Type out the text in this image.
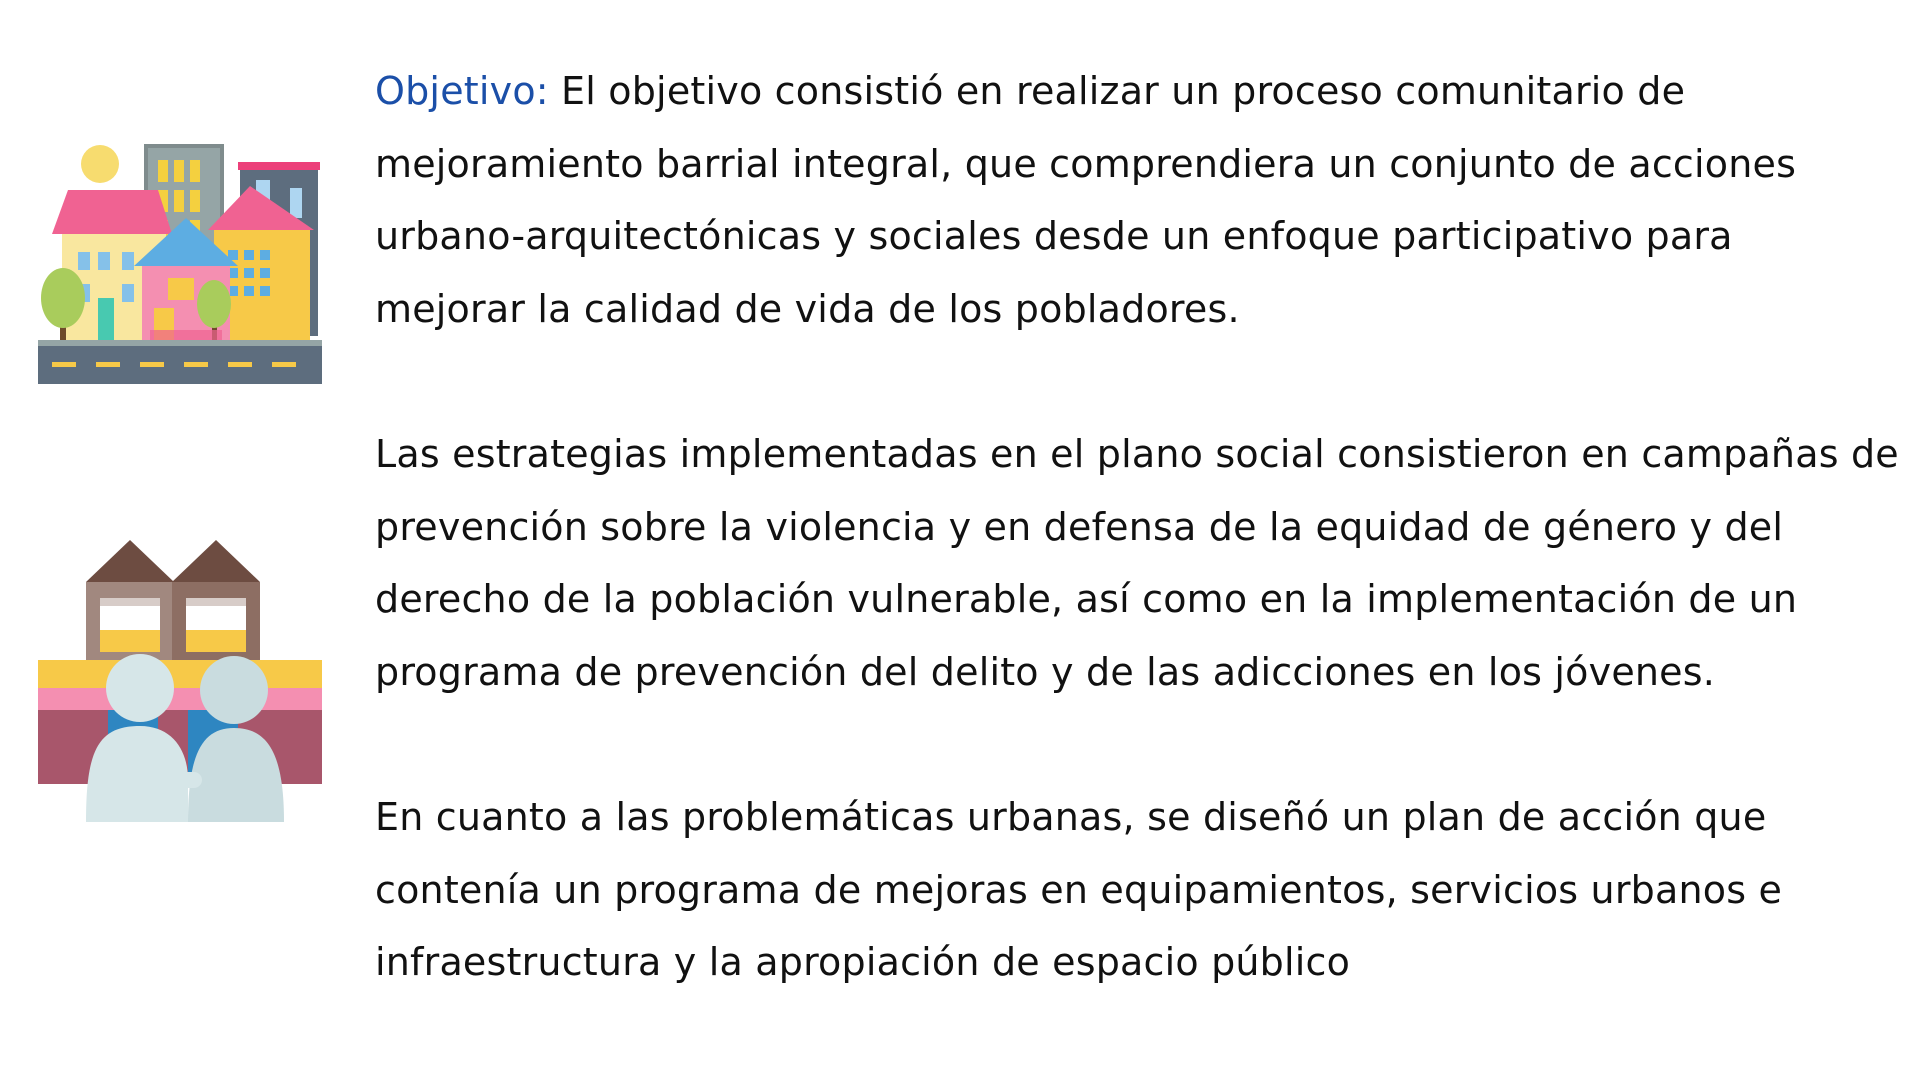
Objetivo: El objetivo consistió en realizar un proceso comunitario de mejoramiento barrial integral, que comprendiera un conjunto de acciones urbano-arquitectónicas y sociales desde un enfoque participativo para mejorar la calidad de vida de los pobladores.

Las estrategias implementadas en el plano social consistieron en campañas de prevención sobre la violencia y en defensa de la equidad de género y del derecho de la población vulnerable, así como en la implementación de un programa de prevención del delito y de las adicciones en los jóvenes.

En cuanto a las problemáticas urbanas, se diseñó un plan de acción que contenía un programa de mejoras en equipamientos, servicios urbanos e infraestructura y la apropiación de espacio público
